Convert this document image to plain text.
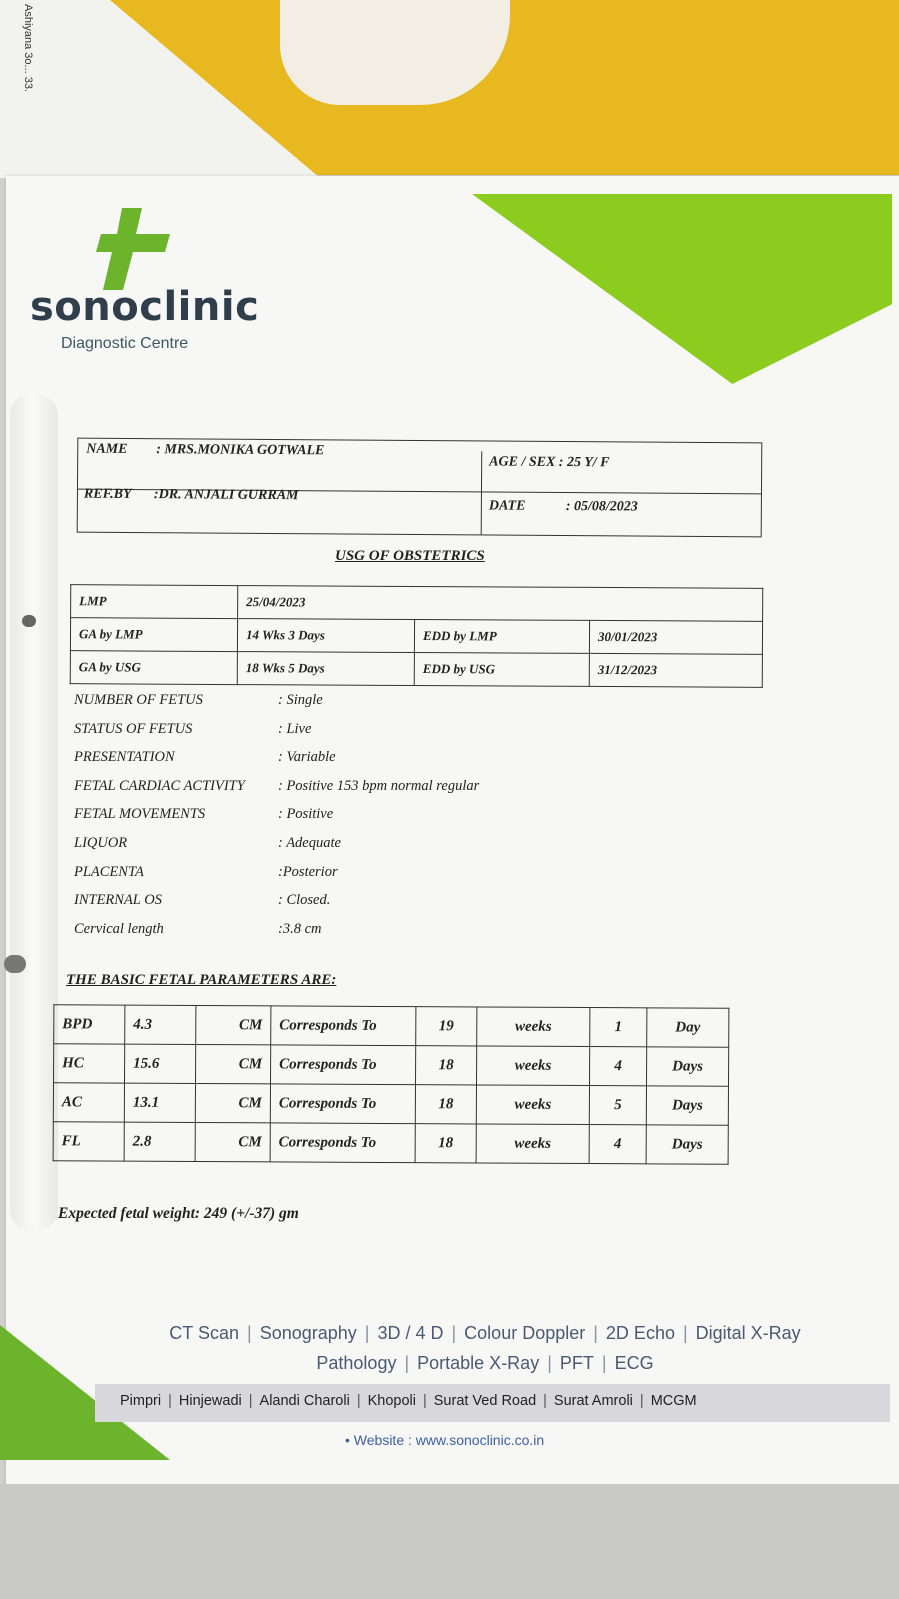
Ashiyana 3o... 33.
sonoclinic
Diagnostic Centre
NAME : MRS.MONIKA GOTWALE
AGE / SEX : 25 Y/ F
REF.BY :DR. ANJALI GURRAM
DATE	: 05/08/2023
USG OF OBSTETRICS
LMP	25/04/2023		
GA by LMP	14 Wks 3 Days	EDD by LMP	30/01/2023
GA by USG	18 Wks 5 Days	EDD by USG	31/12/2023
NUMBER OF FETUS	: Single
STATUS OF FETUS	: Live
PRESENTATION	: Variable
FETAL CARDIAC ACTIVITY : Positive 153 bpm normal regular
FETAL MOVEMENTS	: Positive
LIQUOR	: Adequate
PLACENTA	:Posterior
INTERNAL OS	: Closed.
Cervical length	:3.8 cm
THE BASIC FETAL PARAMETERS ARE:
BPD	4.3	CM	Corresponds To	19	weeks	1	Day
HC	15.6	CM	Corresponds To	18	weeks	4	Days
AC	13.1	CM	Corresponds To	18	weeks	5	Days
FL	2.8	CM	Corresponds To	18	weeks	4	Days
Expected fetal weight: 249 (+/-37) gm
CT Scan | Sonography | 3D / 4 D | Colour Doppler | 2D Echo | Digital X-Ray
Pathology | Portable X-Ray | PFT | ECG
Pimpri | Hinjewadi | Alandi Charoli | Khopoli | Surat Ved Road | Surat Amroli | MCGM
• Website : www.sonoclinic.co.in
